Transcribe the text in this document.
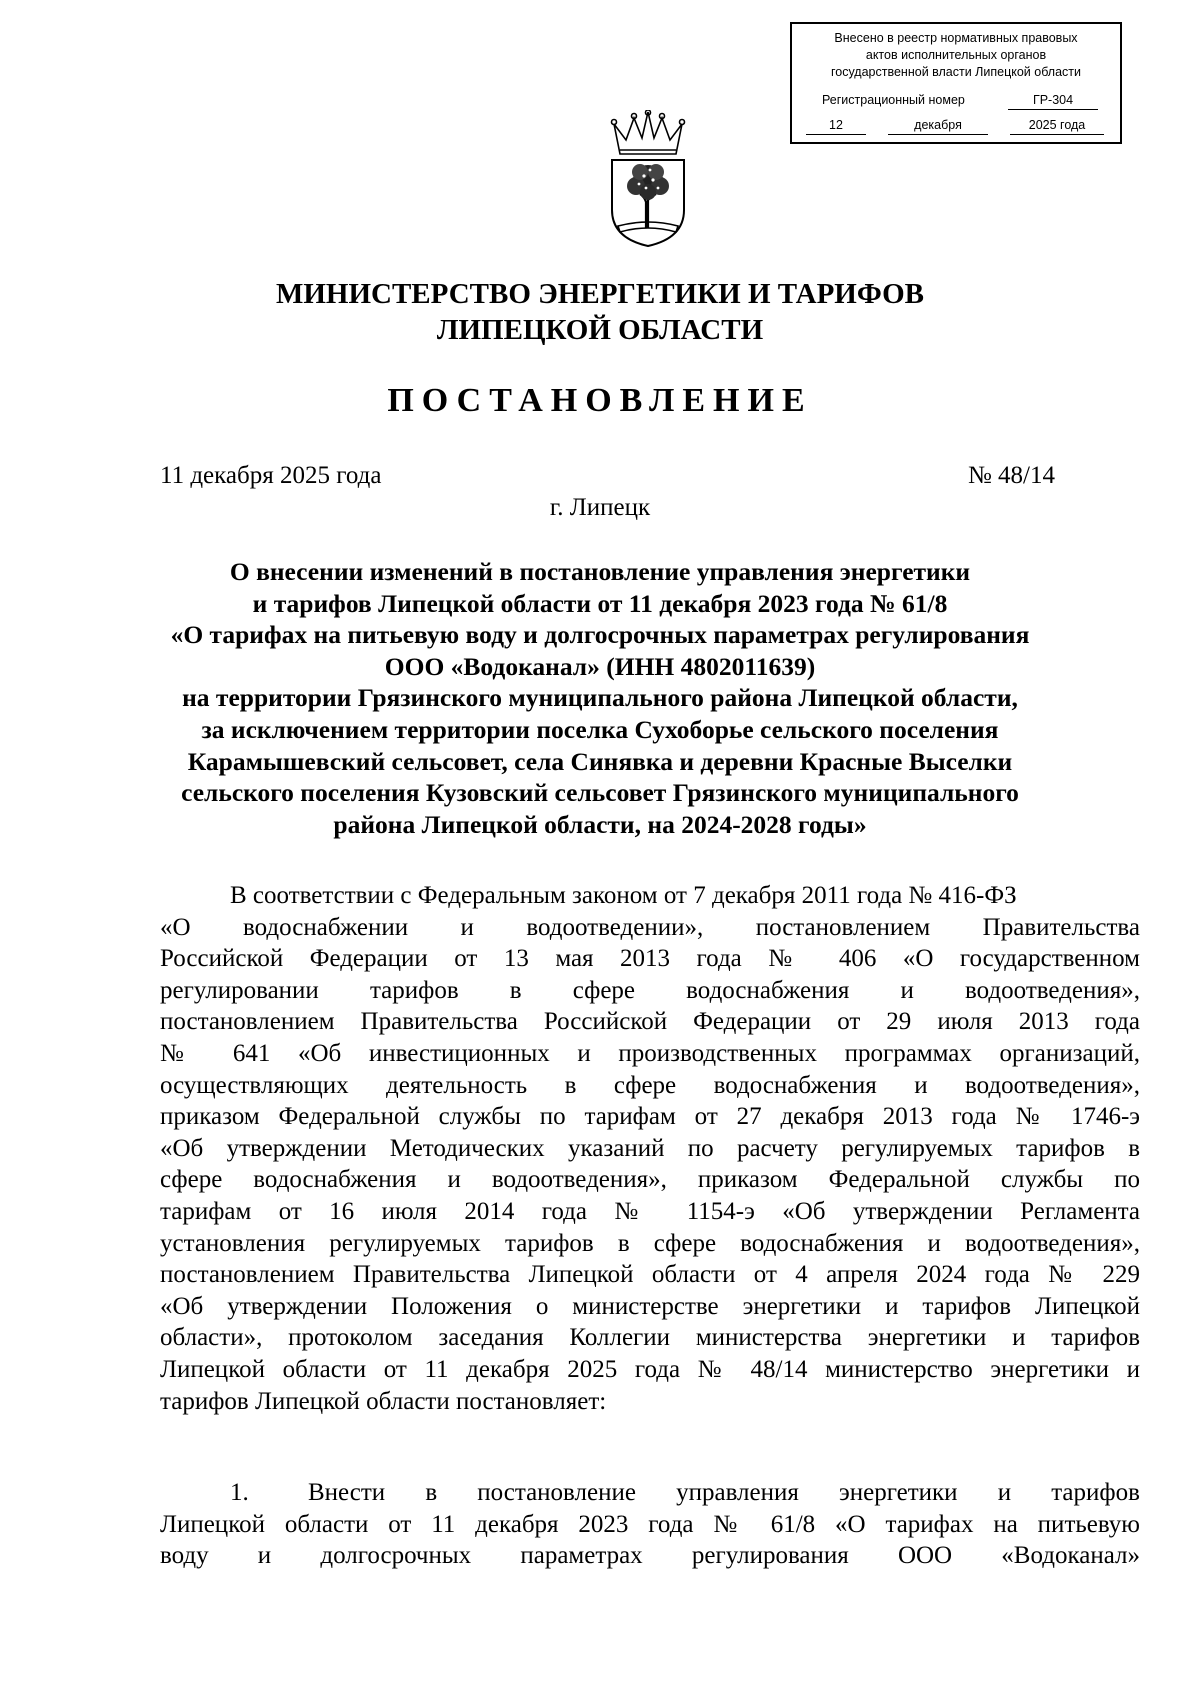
Внесено в реестр нормативных правовых
актов исполнительных органов
государственной власти Липецкой области
Регистрационный номер	ГР-304
12	декабря	2025 года
МИНИСТЕРСТВО ЭНЕРГЕТИКИ И ТАРИФОВ
ЛИПЕЦКОЙ ОБЛАСТИ
ПОСТАНОВЛЕНИЕ
11 декабря 2025 года	№ 48/14
г. Липецк
О внесении изменений в постановление управления энергетики
и тарифов Липецкой области от 11 декабря 2023 года № 61/8
«О тарифах на питьевую воду и долгосрочных параметрах регулирования
ООО «Водоканал» (ИНН 4802011639)
на территории Грязинского муниципального района Липецкой области,
за исключением территории поселка Сухоборье сельского поселения
Карамышевский сельсовет, села Синявка и деревни Красные Выселки
сельского поселения Кузовский сельсовет Грязинского муниципального
района Липецкой области, на 2024-2028 годы»
В соответствии с Федеральным законом от 7 декабря 2011 года № 416-ФЗ
«О водоснабжении и водоотведении», постановлением Правительства
Российской Федерации от 13 мая 2013 года № 406 «О государственном
регулировании тарифов в сфере водоснабжения и водоотведения»,
постановлением Правительства Российской Федерации от 29 июля 2013 года
№ 641 «Об инвестиционных и производственных программах организаций,
осуществляющих деятельность в сфере водоснабжения и водоотведения»,
приказом Федеральной службы по тарифам от 27 декабря 2013 года № 1746-э
«Об утверждении Методических указаний по расчету регулируемых тарифов в
сфере водоснабжения и водоотведения», приказом Федеральной службы по
тарифам от 16 июля 2014 года № 1154-э «Об утверждении Регламента
установления регулируемых тарифов в сфере водоснабжения и водоотведения»,
постановлением Правительства Липецкой области от 4 апреля 2024 года № 229
«Об утверждении Положения о министерстве энергетики и тарифов Липецкой
области», протоколом заседания Коллегии министерства энергетики и тарифов
Липецкой области от 11 декабря 2025 года № 48/14 министерство энергетики и
тарифов Липецкой области постановляет:
1.	Внести в постановление управления энергетики и тарифов
Липецкой области от 11 декабря 2023 года № 61/8 «О тарифах на питьевую
воду и долгосрочных параметрах регулирования ООО «Водоканал»
